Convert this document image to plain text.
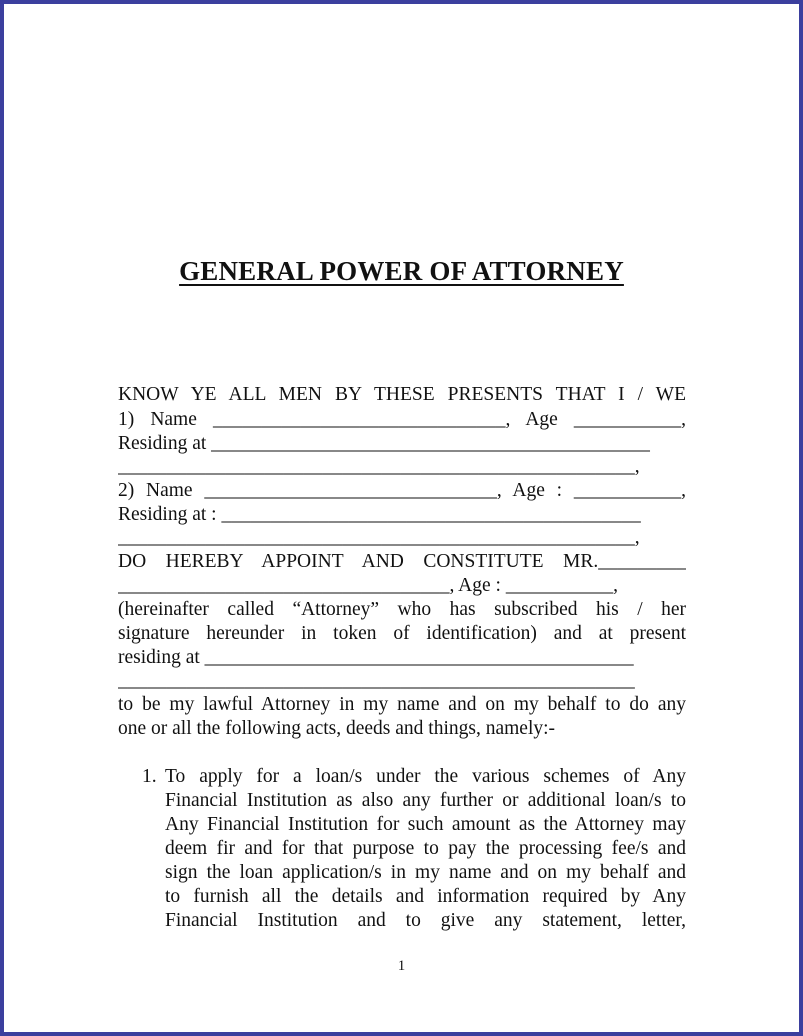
GENERAL POWER OF ATTORNEY
KNOW YE ALL MEN BY THESE PRESENTS THAT I / WE
1) Name ______________________________, Age ___________,
Residing at _____________________________________________
_____________________________________________________,
2) Name ______________________________, Age : ___________,
Residing at : ___________________________________________
_____________________________________________________,
DO HEREBY APPOINT AND CONSTITUTE MR._________
__________________________________, Age : ___________,
(hereinafter called “Attorney” who has subscribed his / her
signature hereunder in token of identification) and at present
residing at ____________________________________________
_____________________________________________________
to be my lawful Attorney in my name and on my behalf to do any
one or all the following acts, deeds and things, namely:-
1. To apply for a loan/s under the various schemes of Any
Financial Institution as also any further or additional loan/s to
Any Financial Institution for such amount as the Attorney may
deem fir and for that purpose to pay the processing fee/s and
sign the loan application/s in my name and on my behalf and
to furnish all the details and information required by Any
Financial Institution and to give any statement, letter,
1
